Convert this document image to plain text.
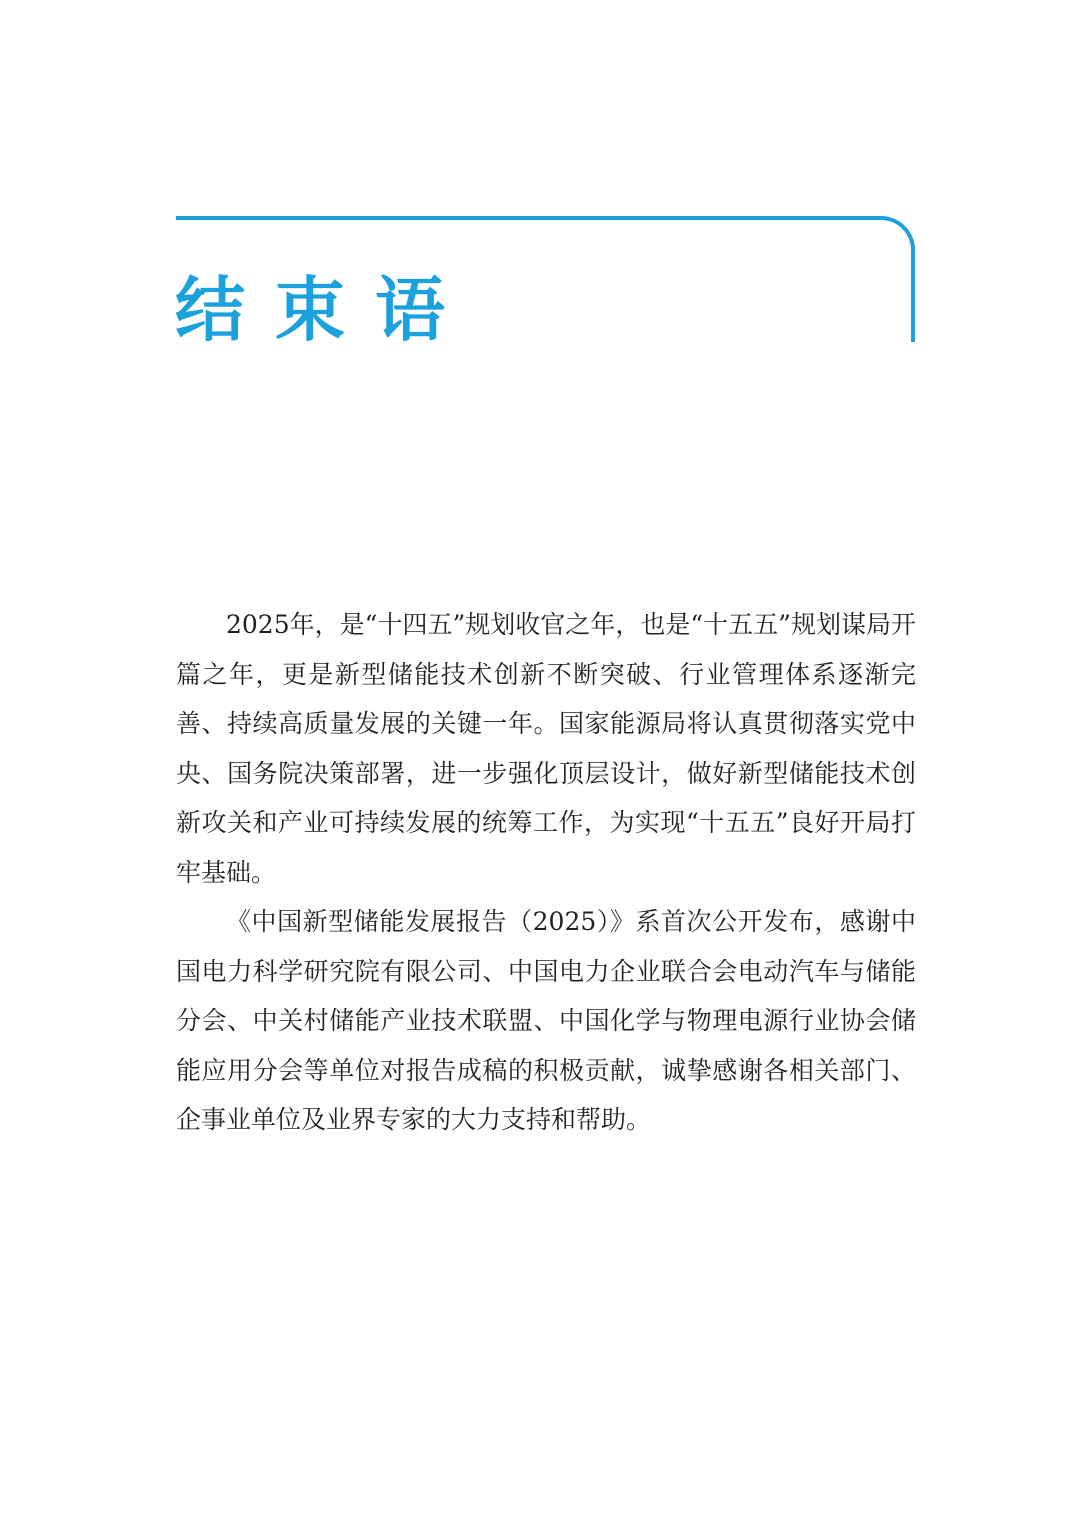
结束语

2025年，是“十四五”规划收官之年，也是“十五五”规划谋局开篇之年，更是新型储能技术创新不断突破、行业管理体系逐渐完善、持续高质量发展的关键一年。国家能源局将认真贯彻落实党中央、国务院决策部署，进一步强化顶层设计，做好新型储能技术创新攻关和产业可持续发展的统筹工作，为实现“十五五”良好开局打牢基础。

《中国新型储能发展报告（2025）》系首次公开发布，感谢中国电力科学研究院有限公司、中国电力企业联合会电动汽车与储能分会、中关村储能产业技术联盟、中国化学与物理电源行业协会储能应用分会等单位对报告成稿的积极贡献，诚挚感谢各相关部门、企事业单位及业界专家的大力支持和帮助。
